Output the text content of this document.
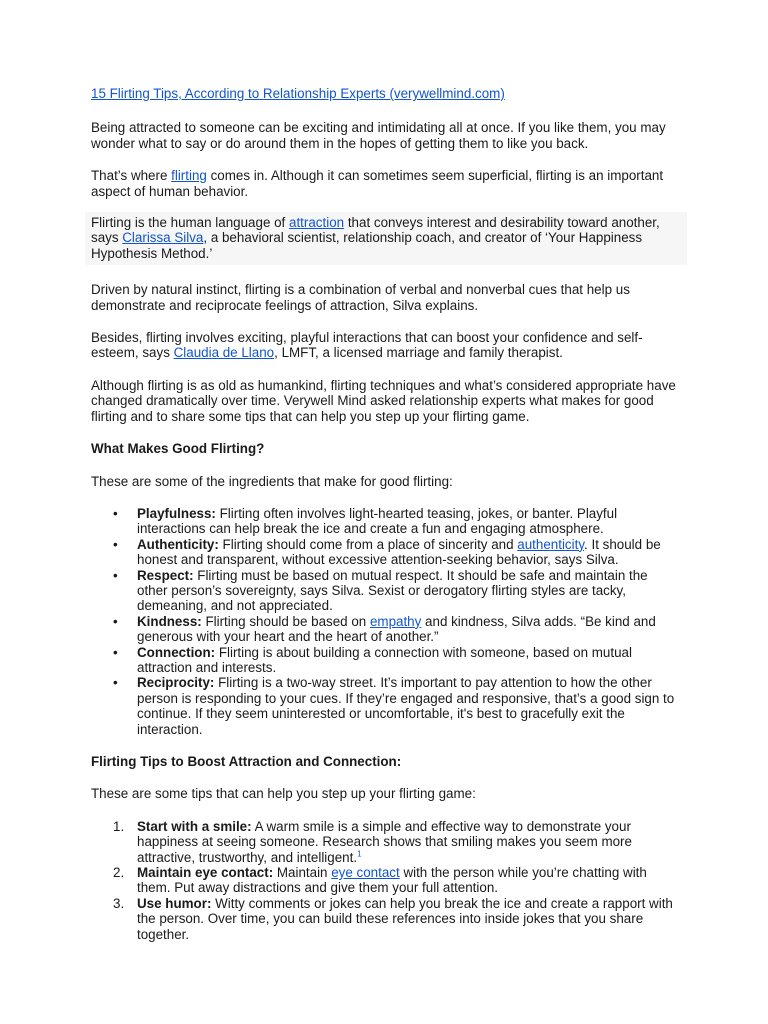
15 Flirting Tips, According to Relationship Experts (verywellmind.com)

Being attracted to someone can be exciting and intimidating all at once. If you like them, you may wonder what to say or do around them in the hopes of getting them to like you back.

That’s where flirting comes in. Although it can sometimes seem superficial, flirting is an important aspect of human behavior.

Flirting is the human language of attraction that conveys interest and desirability toward another, says Clarissa Silva, a behavioral scientist, relationship coach, and creator of ‘Your Happiness Hypothesis Method.’

Driven by natural instinct, flirting is a combination of verbal and nonverbal cues that help us demonstrate and reciprocate feelings of attraction, Silva explains.

Besides, flirting involves exciting, playful interactions that can boost your confidence and self-esteem, says Claudia de Llano, LMFT, a licensed marriage and family therapist.

Although flirting is as old as humankind, flirting techniques and what’s considered appropriate have changed dramatically over time. Verywell Mind asked relationship experts what makes for good flirting and to share some tips that can help you step up your flirting game.

What Makes Good Flirting?

These are some of the ingredients that make for good flirting:

• Playfulness: Flirting often involves light-hearted teasing, jokes, or banter. Playful interactions can help break the ice and create a fun and engaging atmosphere.
• Authenticity: Flirting should come from a place of sincerity and authenticity. It should be honest and transparent, without excessive attention-seeking behavior, says Silva.
• Respect: Flirting must be based on mutual respect. It should be safe and maintain the other person’s sovereignty, says Silva. Sexist or derogatory flirting styles are tacky, demeaning, and not appreciated.
• Kindness: Flirting should be based on empathy and kindness, Silva adds. “Be kind and generous with your heart and the heart of another.”
• Connection: Flirting is about building a connection with someone, based on mutual attraction and interests.
• Reciprocity: Flirting is a two-way street. It’s important to pay attention to how the other person is responding to your cues. If they’re engaged and responsive, that’s a good sign to continue. If they seem uninterested or uncomfortable, it's best to gracefully exit the interaction.

Flirting Tips to Boost Attraction and Connection:

These are some tips that can help you step up your flirting game:

1. Start with a smile: A warm smile is a simple and effective way to demonstrate your happiness at seeing someone. Research shows that smiling makes you seem more attractive, trustworthy, and intelligent.$^1$
2. Maintain eye contact: Maintain eye contact with the person while you’re chatting with them. Put away distractions and give them your full attention.
3. Use humor: Witty comments or jokes can help you break the ice and create a rapport with the person. Over time, you can build these references into inside jokes that you share together.
